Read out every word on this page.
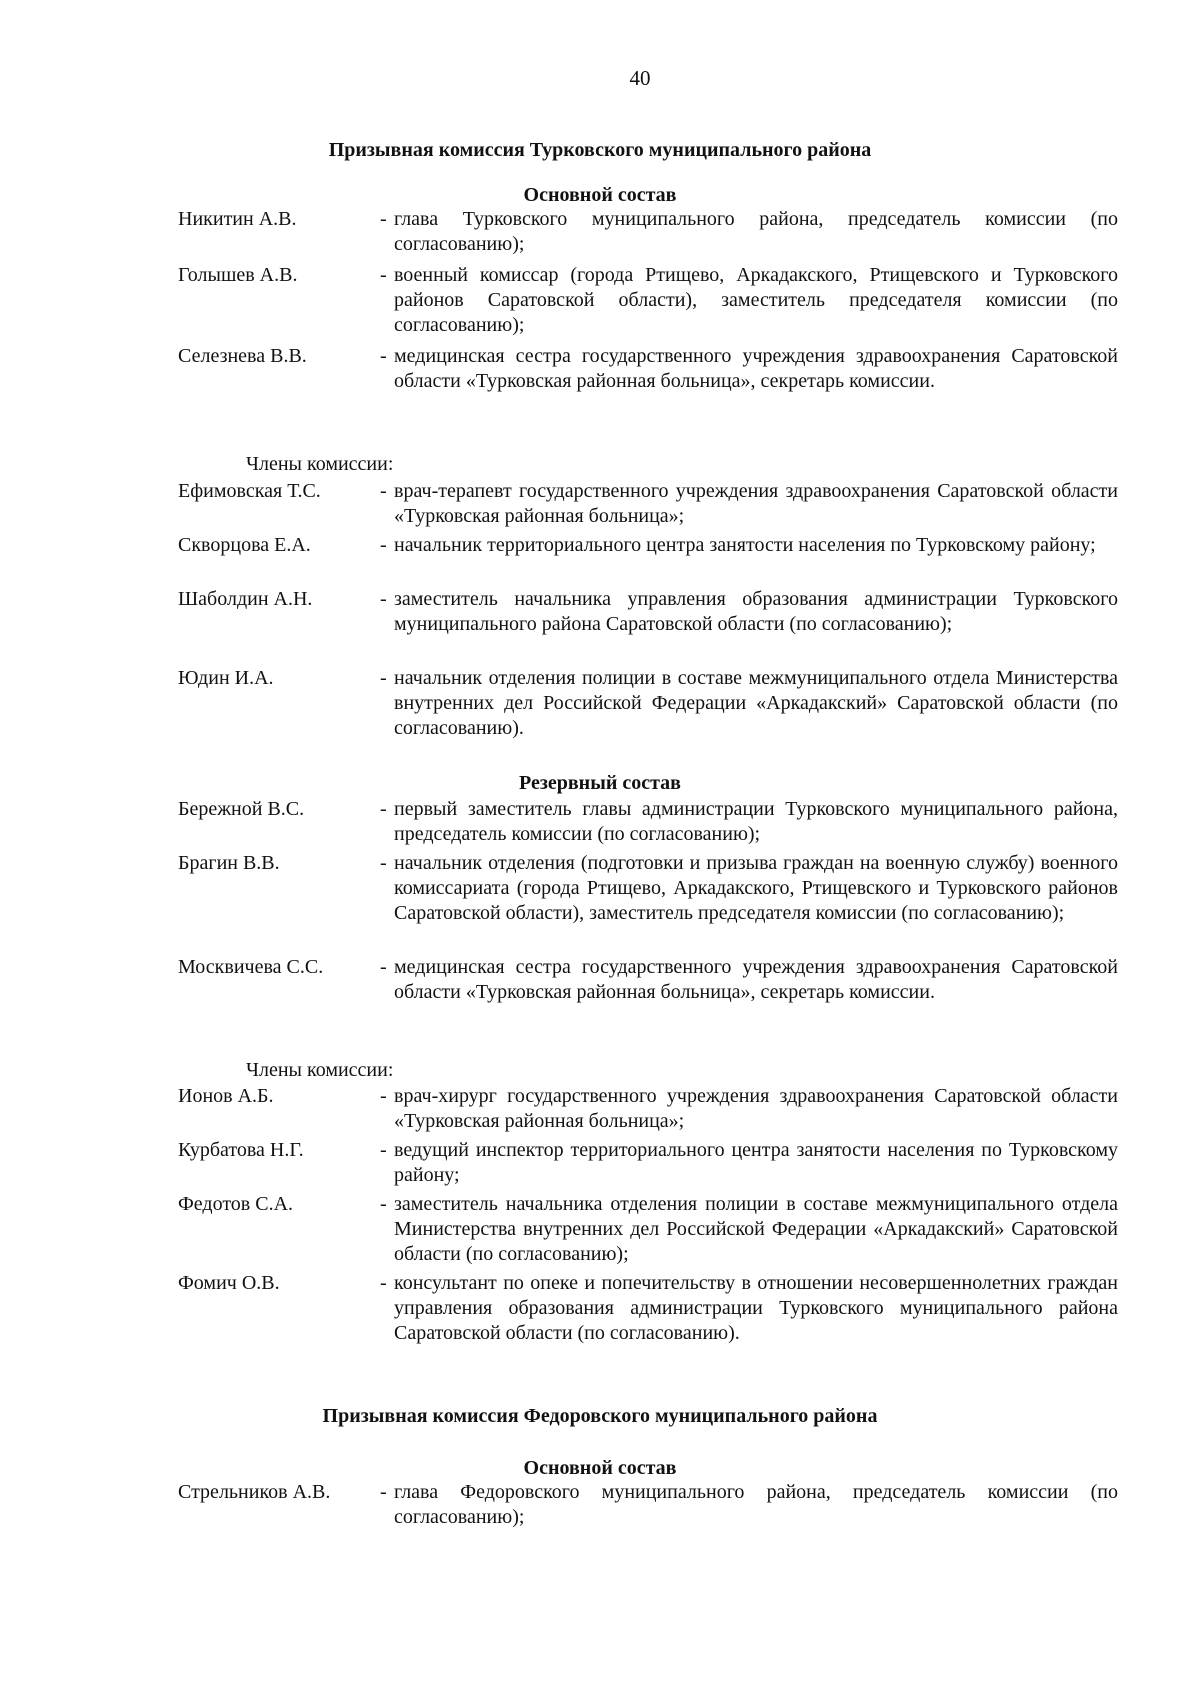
40
Призывная комиссия Турковского муниципального района
Основной состав
Никитин А.В.	- глава Турковского муниципального района, председатель комиссии (по согласованию);
Голышев А.В.	- военный комиссар (города Ртищево, Аркадакского, Ртищевского и Турковского районов Саратовской области), заместитель председателя комиссии (по согласованию);
Селезнева В.В.	- медицинская сестра государственного учреждения здравоохранения Саратовской области «Турковская районная больница», секретарь комиссии.
Члены комиссии:
Ефимовская Т.С.	- врач-терапевт государственного учреждения здравоохранения Саратовской области «Турковская районная больница»;
Скворцова Е.А.	- начальник территориального центра занятости населения по Турковскому району;
Шаболдин А.Н.	- заместитель начальника управления образования администрации Турковского муниципального района Саратовской области (по согласованию);
Юдин И.А.	- начальник отделения полиции в составе межмуниципального отдела Министерства внутренних дел Российской Федерации «Аркадакский» Саратовской области (по согласованию).
Резервный состав
Бережной В.С.	- первый заместитель главы администрации Турковского муниципального района, председатель комиссии (по согласованию);
Брагин В.В.	- начальник отделения (подготовки и призыва граждан на военную службу) военного комиссариата (города Ртищево, Аркадакского, Ртищевского и Турковского районов Саратовской области), заместитель председателя комиссии (по согласованию);
Москвичева С.С.	- медицинская сестра государственного учреждения здравоохранения Саратовской области «Турковская районная больница», секретарь комиссии.
Члены комиссии:
Ионов А.Б.	- врач-хирург государственного учреждения здравоохранения Саратовской области «Турковская районная больница»;
Курбатова Н.Г.	- ведущий инспектор территориального центра занятости населения по Турковскому району;
Федотов С.А.	- заместитель начальника отделения полиции в составе межмуниципального отдела Министерства внутренних дел Российской Федерации «Аркадакский» Саратовской области (по согласованию);
Фомич О.В.	- консультант по опеке и попечительству в отношении несовершеннолетних граждан управления образования администрации Турковского муниципального района Саратовской области (по согласованию).
Призывная комиссия Федоровского муниципального района
Основной состав
Стрельников А.В. - глава Федоровского муниципального района, председатель комиссии (по согласованию);
